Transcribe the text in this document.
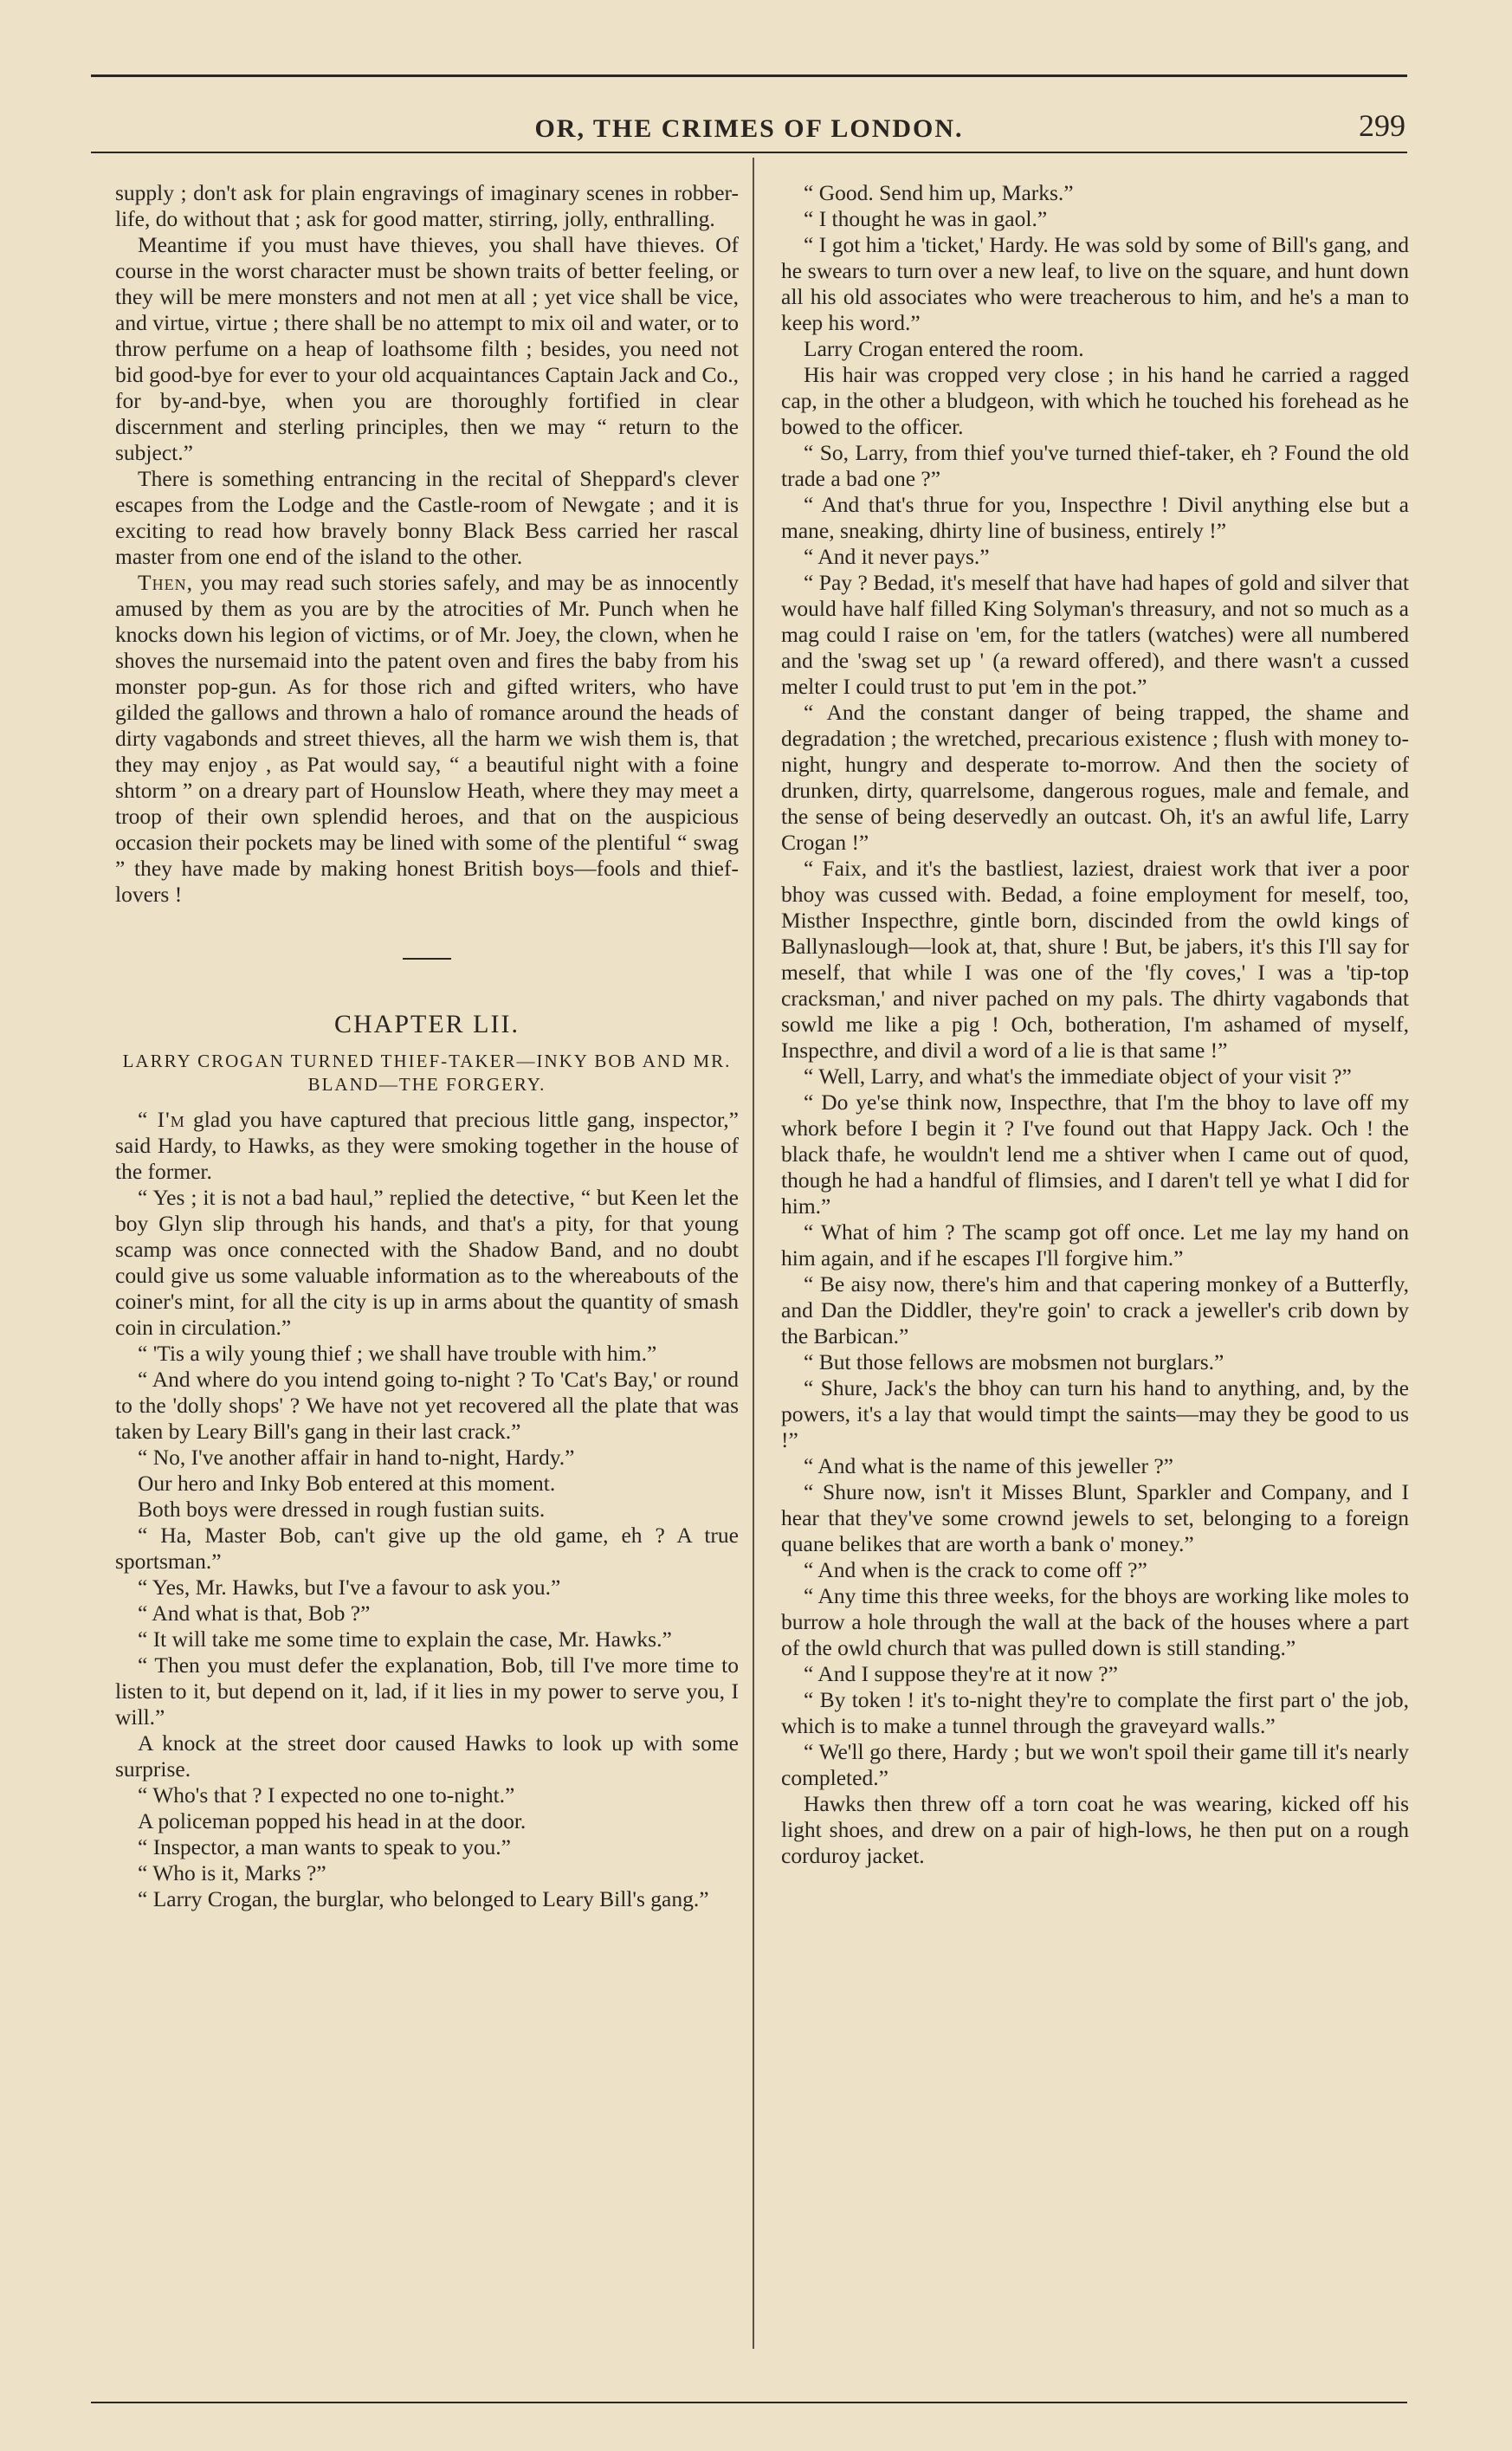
OR, THE CRIMES OF LONDON.	299

supply ; don't ask for plain engravings of imaginary scenes in robber-life, do without that ; ask for good matter, stirring, jolly, enthralling.

Meantime if you must have thieves, you shall have thieves. Of course in the worst character must be shown traits of better feeling, or they will be mere monsters and not men at all ; yet vice shall be vice, and virtue, virtue ; there shall be no attempt to mix oil and water, or to throw perfume on a heap of loathsome filth ; besides, you need not bid good-bye for ever to your old acquaintances Captain Jack and Co., for by-and-bye, when you are thoroughly fortified in clear discernment and sterling principles, then we may “ return to the subject.”

There is something entrancing in the recital of Sheppard's clever escapes from the Lodge and the Castle-room of Newgate ; and it is exciting to read how bravely bonny Black Bess carried her rascal master from one end of the island to the other.

Then, you may read such stories safely, and may be as innocently amused by them as you are by the atrocities of Mr. Punch when he knocks down his legion of victims, or of Mr. Joey, the clown, when he shoves the nursemaid into the patent oven and fires the baby from his monster pop-gun. As for those rich and gifted writers, who have gilded the gallows and thrown a halo of romance around the heads of dirty vagabonds and street thieves, all the harm we wish them is, that they may enjoy , as Pat would say, “ a beautiful night with a foine shtorm ” on a dreary part of Hounslow Heath, where they may meet a troop of their own splendid heroes, and that on the auspicious occasion their pockets may be lined with some of the plentiful “ swag ” they have made by making honest British boys—fools and thief-lovers !

CHAPTER LII.
LARRY CROGAN TURNED THIEF-TAKER—INKY BOB AND MR. BLAND—THE FORGERY.

“ I'm glad you have captured that precious little gang, inspector,” said Hardy, to Hawks, as they were smoking together in the house of the former.

“ Yes ; it is not a bad haul,” replied the detective, “ but Keen let the boy Glyn slip through his hands, and that's a pity, for that young scamp was once connected with the Shadow Band, and no doubt could give us some valuable information as to the whereabouts of the coiner's mint, for all the city is up in arms about the quantity of smash coin in circulation.”

“ 'Tis a wily young thief ; we shall have trouble with him.”

“ And where do you intend going to-night ? To 'Cat's Bay,' or round to the 'dolly shops' ? We have not yet recovered all the plate that was taken by Leary Bill's gang in their last crack.”

“ No, I've another affair in hand to-night, Hardy.”

Our hero and Inky Bob entered at this moment.

Both boys were dressed in rough fustian suits.

“ Ha, Master Bob, can't give up the old game, eh ? A true sportsman.”

“ Yes, Mr. Hawks, but I've a favour to ask you.”

“ And what is that, Bob ?”

“ It will take me some time to explain the case, Mr. Hawks.”

“ Then you must defer the explanation, Bob, till I've more time to listen to it, but depend on it, lad, if it lies in my power to serve you, I will.”

A knock at the street door caused Hawks to look up with some surprise.

“ Who's that ? I expected no one to-night.”

A policeman popped his head in at the door.

“ Inspector, a man wants to speak to you.”

“ Who is it, Marks ?”

“ Larry Crogan, the burglar, who belonged to Leary Bill's gang.”

“ Good. Send him up, Marks.”

“ I thought he was in gaol.”

“ I got him a 'ticket,' Hardy. He was sold by some of Bill's gang, and he swears to turn over a new leaf, to live on the square, and hunt down all his old associates who were treacherous to him, and he's a man to keep his word.”

Larry Crogan entered the room.

His hair was cropped very close ; in his hand he carried a ragged cap, in the other a bludgeon, with which he touched his forehead as he bowed to the officer.

“ So, Larry, from thief you've turned thief-taker, eh ? Found the old trade a bad one ?”

“ And that's thrue for you, Inspecthre ! Divil anything else but a mane, sneaking, dhirty line of business, entirely !”

“ And it never pays.”

“ Pay ? Bedad, it's meself that have had hapes of gold and silver that would have half filled King Solyman's threasury, and not so much as a mag could I raise on 'em, for the tatlers (watches) were all numbered and the 'swag set up ' (a reward offered), and there wasn't a cussed melter I could trust to put 'em in the pot.”

“ And the constant danger of being trapped, the shame and degradation ; the wretched, precarious existence ; flush with money to-night, hungry and desperate to-morrow. And then the society of drunken, dirty, quarrelsome, dangerous rogues, male and female, and the sense of being deservedly an outcast. Oh, it's an awful life, Larry Crogan !”

“ Faix, and it's the bastliest, laziest, draiest work that iver a poor bhoy was cussed with. Bedad, a foine employment for meself, too, Misther Inspecthre, gintle born, discinded from the owld kings of Ballynaslough—look at, that, shure ! But, be jabers, it's this I'll say for meself, that while I was one of the 'fly coves,' I was a 'tip-top cracksman,' and niver pached on my pals. The dhirty vagabonds that sowld me like a pig ! Och, botheration, I'm ashamed of myself, Inspecthre, and divil a word of a lie is that same !”

“ Well, Larry, and what's the immediate object of your visit ?”

“ Do ye'se think now, Inspecthre, that I'm the bhoy to lave off my whork before I begin it ? I've found out that Happy Jack. Och ! the black thafe, he wouldn't lend me a shtiver when I came out of quod, though he had a handful of flimsies, and I daren't tell ye what I did for him.”

“ What of him ? The scamp got off once. Let me lay my hand on him again, and if he escapes I'll forgive him.”

“ Be aisy now, there's him and that capering monkey of a Butterfly, and Dan the Diddler, they're goin' to crack a jeweller's crib down by the Barbican.”

“ But those fellows are mobsmen not burglars.”

“ Shure, Jack's the bhoy can turn his hand to anything, and, by the powers, it's a lay that would timpt the saints—may they be good to us !”

“ And what is the name of this jeweller ?”

“ Shure now, isn't it Misses Blunt, Sparkler and Company, and I hear that they've some crownd jewels to set, belonging to a foreign quane belikes that are worth a bank o' money.”

“ And when is the crack to come off ?”

“ Any time this three weeks, for the bhoys are working like moles to burrow a hole through the wall at the back of the houses where a part of the owld church that was pulled down is still standing.”

“ And I suppose they're at it now ?”

“ By token ! it's to-night they're to complate the first part o' the job, which is to make a tunnel through the graveyard walls.”

“ We'll go there, Hardy ; but we won't spoil their game till it's nearly completed.”

Hawks then threw off a torn coat he was wearing, kicked off his light shoes, and drew on a pair of high-lows, he then put on a rough corduroy jacket.
